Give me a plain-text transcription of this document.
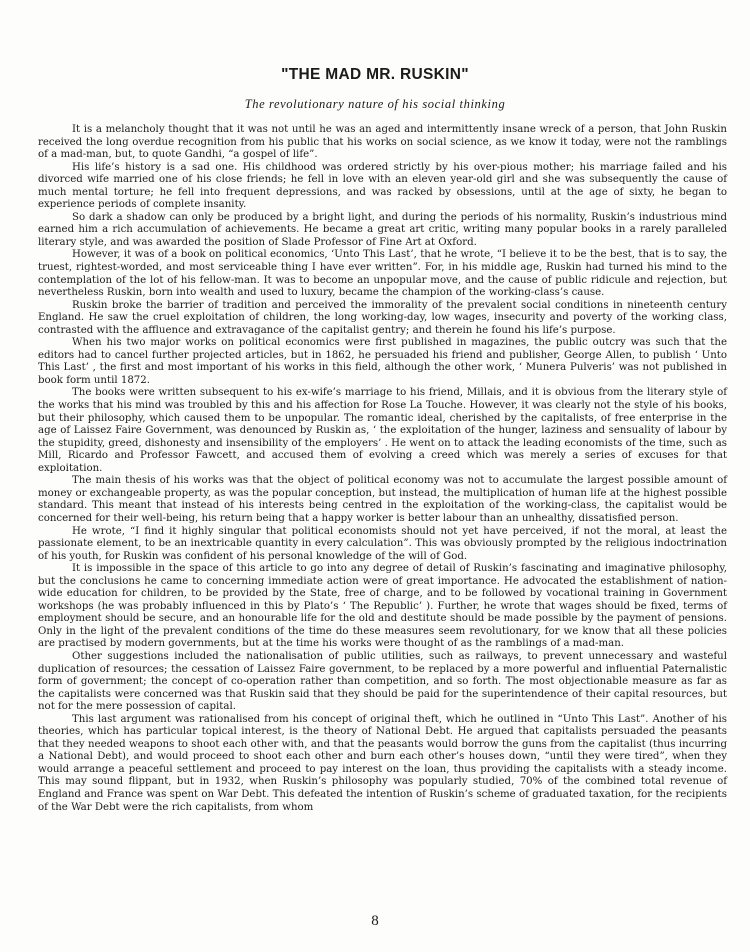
"THE MAD MR. RUSKIN"

The revolutionary nature of his social thinking

It is a melancholy thought that it was not until he was an aged and intermittently insane wreck of a person, that John Ruskin received the long overdue recognition from his public that his works on social science, as we know it today, were not the ramblings of a mad-man, but, to quote Gandhi, “a gospel of life”.

His life’s history is a sad one. His childhood was ordered strictly by his over-pious mother; his marriage failed and his divorced wife married one of his close friends; he fell in love with an eleven year-old girl and she was subsequently the cause of much mental torture; he fell into frequent depressions, and was racked by obsessions, until at the age of sixty, he began to experience periods of complete insanity.

So dark a shadow can only be produced by a bright light, and during the periods of his normality, Ruskin’s industrious mind earned him a rich accumulation of achievements. He became a great art critic, writing many popular books in a rarely paralleled literary style, and was awarded the position of Slade Professor of Fine Art at Oxford.

However, it was of a book on political economics, ‘Unto This Last’, that he wrote, “I believe it to be the best, that is to say, the truest, rightest-worded, and most serviceable thing I have ever written”. For, in his middle age, Ruskin had turned his mind to the contemplation of the lot of his fellow-man. It was to become an unpopular move, and the cause of public ridicule and rejection, but nevertheless Ruskin, born into wealth and used to luxury, became the champion of the working-class’s cause.

Ruskin broke the barrier of tradition and perceived the immorality of the prevalent social conditions in nineteenth century England. He saw the cruel exploitation of children, the long working-day, low wages, insecurity and poverty of the working class, contrasted with the affluence and extravagance of the capitalist gentry; and therein he found his life’s purpose.

When his two major works on political economics were first published in magazines, the public outcry was such that the editors had to cancel further projected articles, but in 1862, he persuaded his friend and publisher, George Allen, to publish ‘ Unto This Last’ , the first and most important of his works in this field, although the other work, ‘ Munera Pulveris’ was not published in book form until 1872.

The books were written subsequent to his ex-wife’s marriage to his friend, Millais, and it is obvious from the literary style of the works that his mind was troubled by this and his affection for Rose La Touche. However, it was clearly not the style of his books, but their philosophy, which caused them to be unpopular. The romantic ideal, cherished by the capitalists, of free enterprise in the age of Laissez Faire Government, was denounced by Ruskin as, ‘ the exploitation of the hunger, laziness and sensuality of labour by the stupidity, greed, dishonesty and insensibility of the employers’ . He went on to attack the leading economists of the time, such as Mill, Ricardo and Professor Fawcett, and accused them of evolving a creed which was merely a series of excuses for that exploitation.

The main thesis of his works was that the object of political economy was not to accumulate the largest possible amount of money or exchangeable property, as was the popular conception, but instead, the multiplication of human life at the highest possible standard. This meant that instead of his interests being centred in the exploitation of the working-class, the capitalist would be concerned for their well-being, his return being that a happy worker is better labour than an unhealthy, dissatisfied person.

He wrote, “I find it highly singular that political economists should not yet have perceived, if not the moral, at least the passionate element, to be an inextricable quantity in every calculation”. This was obviously prompted by the religious indoctrination of his youth, for Ruskin was confident of his personal knowledge of the will of God.

It is impossible in the space of this article to go into any degree of detail of Ruskin’s fascinating and imaginative philosophy, but the conclusions he came to concerning immediate action were of great importance. He advocated the establishment of nation-wide education for children, to be provided by the State, free of charge, and to be followed by vocational training in Government workshops (he was probably influenced in this by Plato’s ‘ The Republic’ ). Further, he wrote that wages should be fixed, terms of employment should be secure, and an honourable life for the old and destitute should be made possible by the payment of pensions. Only in the light of the prevalent conditions of the time do these measures seem revolutionary, for we know that all these policies are practised by modern governments, but at the time his works were thought of as the ramblings of a mad-man.

Other suggestions included the nationalisation of public utilities, such as railways, to prevent unnecessary and wasteful duplication of resources; the cessation of Laissez Faire government, to be replaced by a more powerful and influential Paternalistic form of government; the concept of co-operation rather than competition, and so forth. The most objectionable measure as far as the capitalists were concerned was that Ruskin said that they should be paid for the superintendence of their capital resources, but not for the mere possession of capital.

This last argument was rationalised from his concept of original theft, which he outlined in “Unto This Last”. Another of his theories, which has particular topical interest, is the theory of National Debt. He argued that capitalists persuaded the peasants that they needed weapons to shoot each other with, and that the peasants would borrow the guns from the capitalist (thus incurring a National Debt), and would proceed to shoot each other and burn each other’s houses down, “until they were tired”, when they would arrange a peaceful settlement and proceed to pay interest on the loan, thus providing the capitalists with a steady income. This may sound flippant, but in 1932, when Ruskin’s philosophy was popularly studied, 70% of the combined total revenue of England and France was spent on War Debt. This defeated the intention of Ruskin’s scheme of graduated taxation, for the recipients of the War Debt were the rich capitalists, from whom

8
